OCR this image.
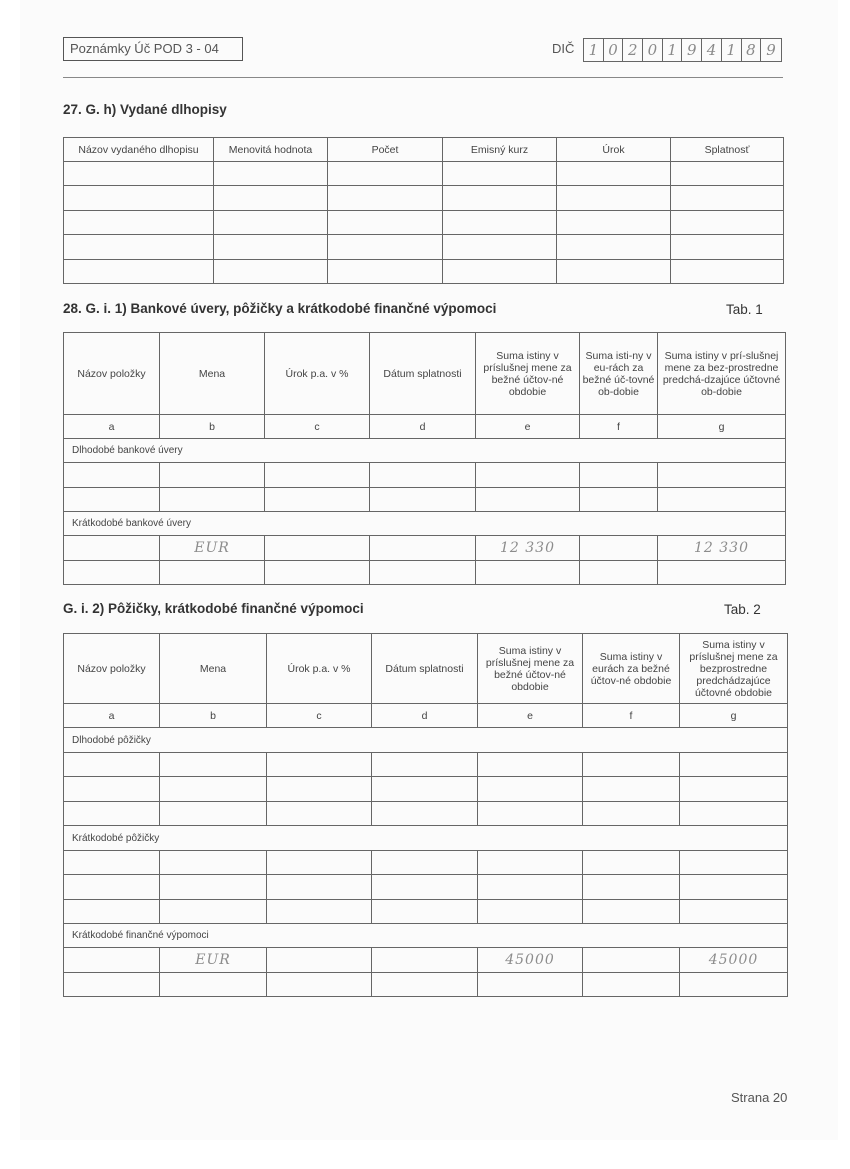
Poznámky Úč POD 3 - 04	DIČ 1 0 2 0 1 9 4 1 8 9
27. G. h) Vydané dlhopisy
Názov vydaného dlhopisu	Menovitá hodnota	Počet	Emisný kurz	Úrok	Splatnosť

28. G. i. 1) Bankové úvery, pôžičky a krátkodobé finančné výpomoci	Tab. 1
Názov položky	Mena	Úrok p.a. v %	Dátum splatnosti	Suma istiny v príslušnej mene za bežné účtov-né obdobie	Suma isti-ny v eu-rách za bežné úč-tovné ob-dobie	Suma istiny v prí-slušnej mene za bez-prostredne predchá-dzajúce účtovné ob-dobie
a	b	c	d	e	f	g
Dlhodobé bankové úvery						

Krátkodobé bankové úvery						
	EUR			12 330		12 330

G. i. 2) Pôžičky, krátkodobé finančné výpomoci	Tab. 2
Názov položky	Mena	Úrok p.a. v %	Dátum splatnosti	Suma istiny v príslušnej mene za bežné účtov-né obdobie	Suma istiny v eurách za bežné účtov-né obdobie	Suma istiny v príslušnej mene za bezprostredne predchádzajúce účtovné obdobie
a	b	c	d	e	f	g
Dlhodobé pôžičky						

Krátkodobé pôžičky						

Krátkodobé finančné výpomoci						
	EUR			45000		45000

Strana 20
